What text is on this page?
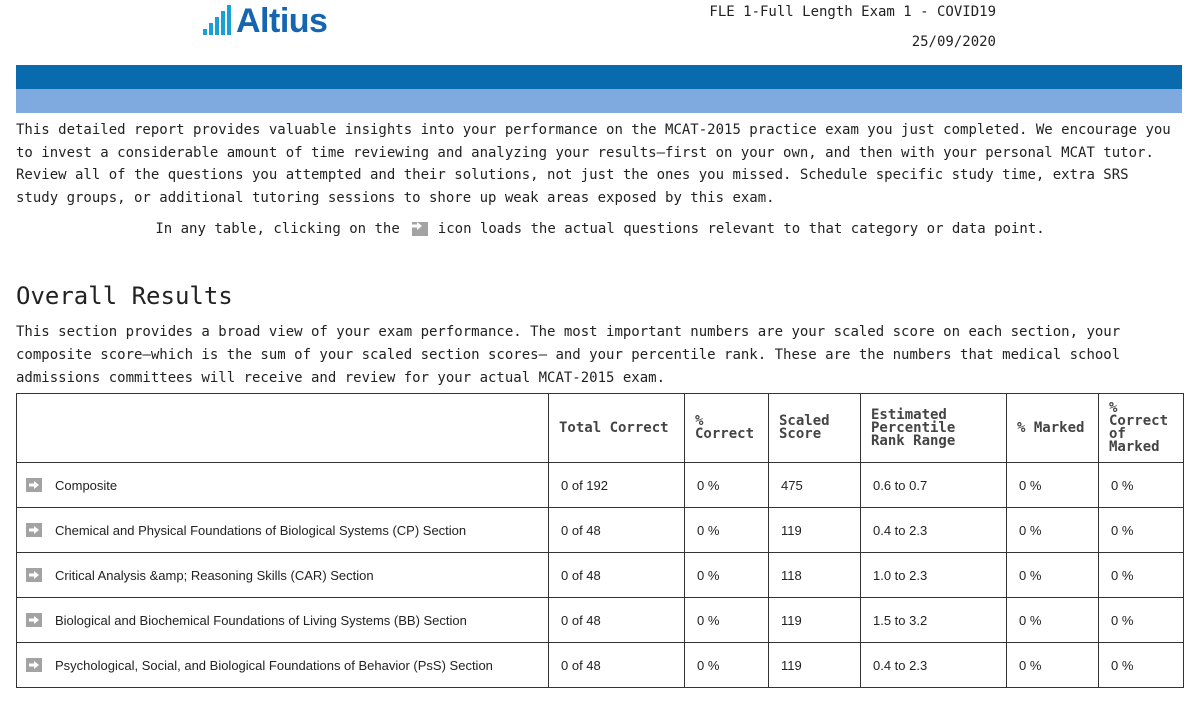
Altius	FLE 1-Full Length Exam 1 - COVID19
25/09/2020

This detailed report provides valuable insights into your performance on the MCAT-2015 practice exam you just completed. We encourage you to invest a considerable amount of time reviewing and analyzing your results—first on your own, and then with your personal MCAT tutor. Review all of the questions you attempted and their solutions, not just the ones you missed. Schedule specific study time, extra SRS study groups, or additional tutoring sessions to shore up weak areas exposed by this exam.

In any table, clicking on the	icon loads the actual questions relevant to that category or data point.
Overall Results

This section provides a broad view of your exam performance. The most important numbers are your scaled score on each section, your composite score—which is the sum of your scaled section scores— and your percentile rank. These are the numbers that medical school admissions committees will receive and review for your actual MCAT-2015 exam.

	Total Correct	% Correct	Scaled Score	Estimated Percentile Rank Range	% Marked	% Correct of Marked

Composite	0 of 192	0 %	475	0.6 to 0.7	0 %	0 %

Chemical and Physical Foundations of Biological Systems (CP) Section	0 of 48	0 %	119	0.4 to 2.3	0 %	0 %

Critical Analysis &amp; Reasoning Skills (CAR) Section	0 of 48	0 %	118	1.0 to 2.3	0 %	0 %

Biological and Biochemical Foundations of Living Systems (BB) Section	0 of 48	0 %	119	1.5 to 3.2	0 %	0 %

Psychological, Social, and Biological Foundations of Behavior (PsS) Section	0 of 48	0 %	119	0.4 to 2.3	0 %	0 %
